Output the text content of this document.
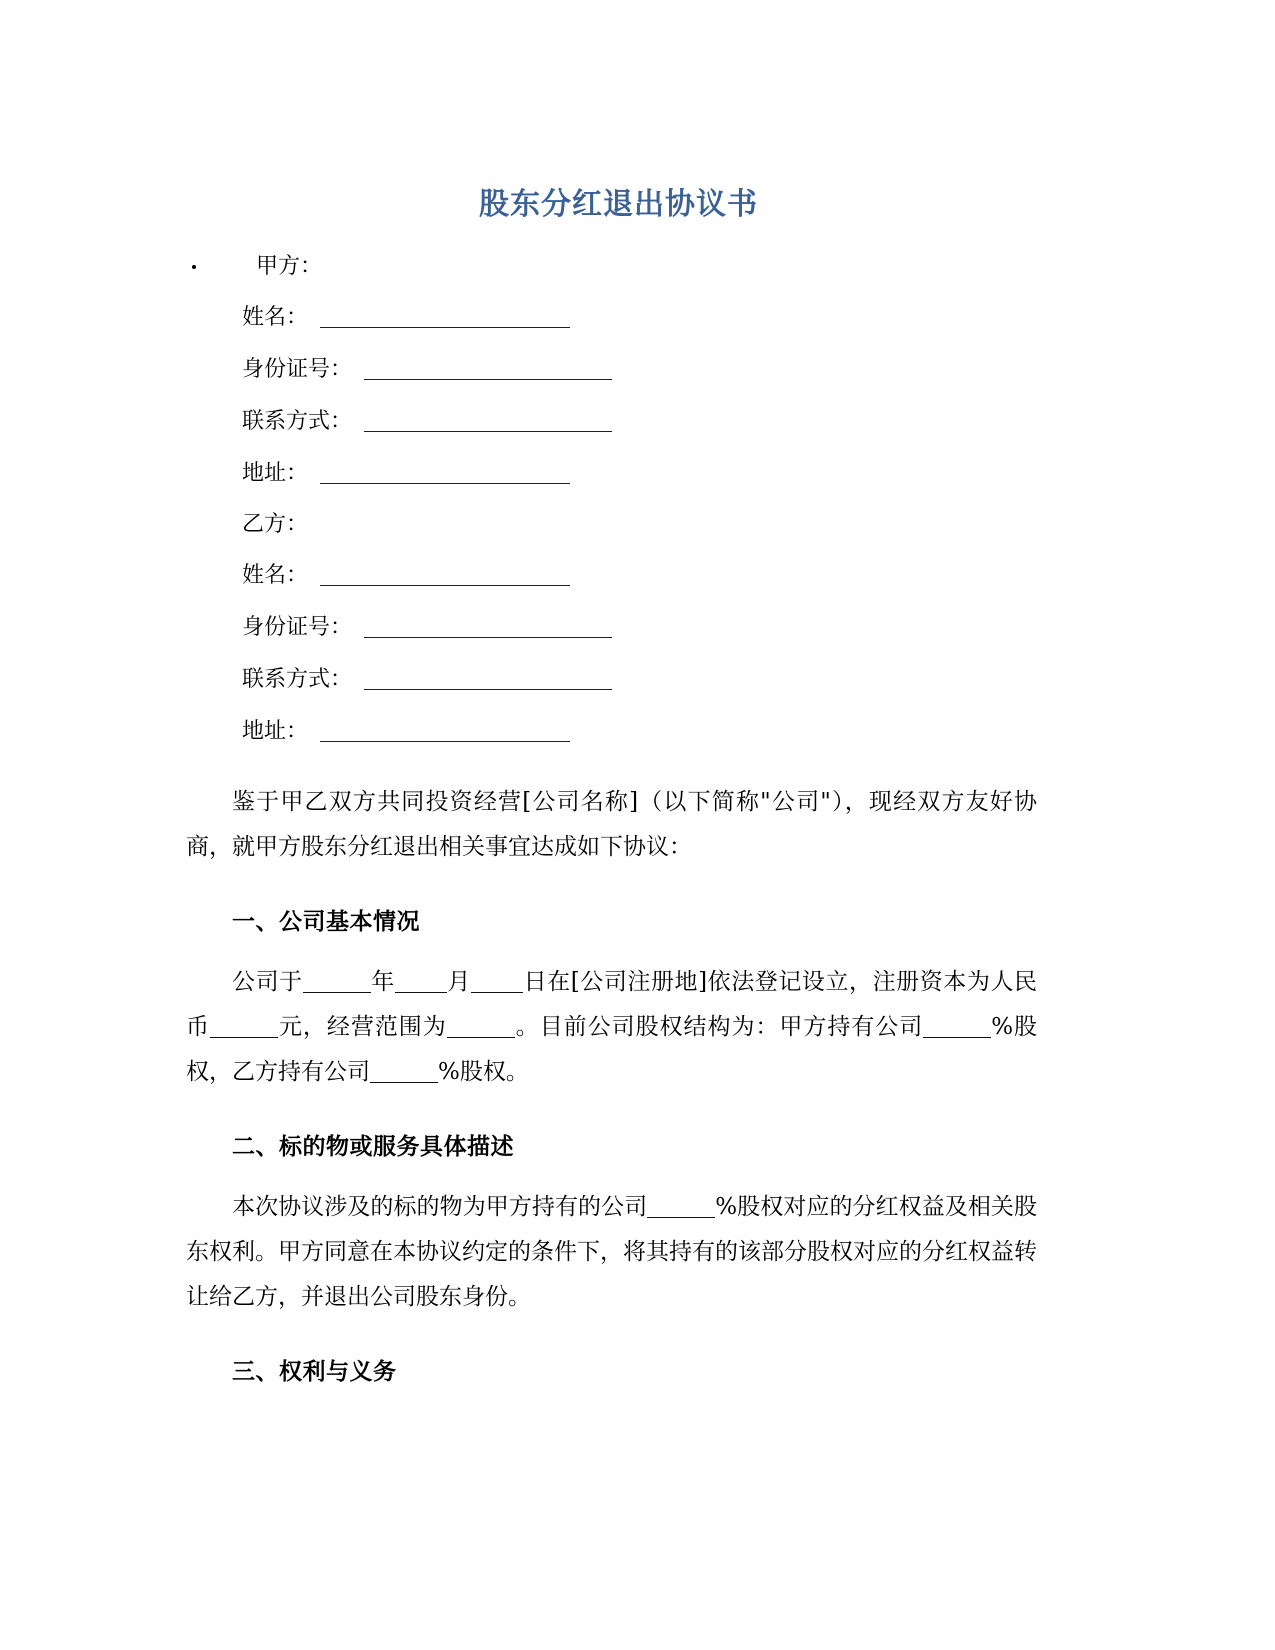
股东分红退出协议书
甲方：
姓名：
身份证号：
联系方式：
地址：
乙方：
姓名：
身份证号：
联系方式：
地址：

鉴于甲乙双方共同投资经营[公司名称]（以下简称"公司"），现经双方友好协商，就甲方股东分红退出相关事宜达成如下协议：

一、公司基本情况

公司于	年 月 日在[公司注册地]依法登记设立，注册资本为人民币	元，经营范围为	。目前公司股权结构为：甲方持有公司	%股权，乙方持有公司	%股权。

二、标的物或服务具体描述

本次协议涉及的标的物为甲方持有的公司	%股权对应的分红权益及相关股东权利。甲方同意在本协议约定的条件下，将其持有的该部分股权对应的分红权益转让给乙方，并退出公司股东身份。

三、权利与义务
